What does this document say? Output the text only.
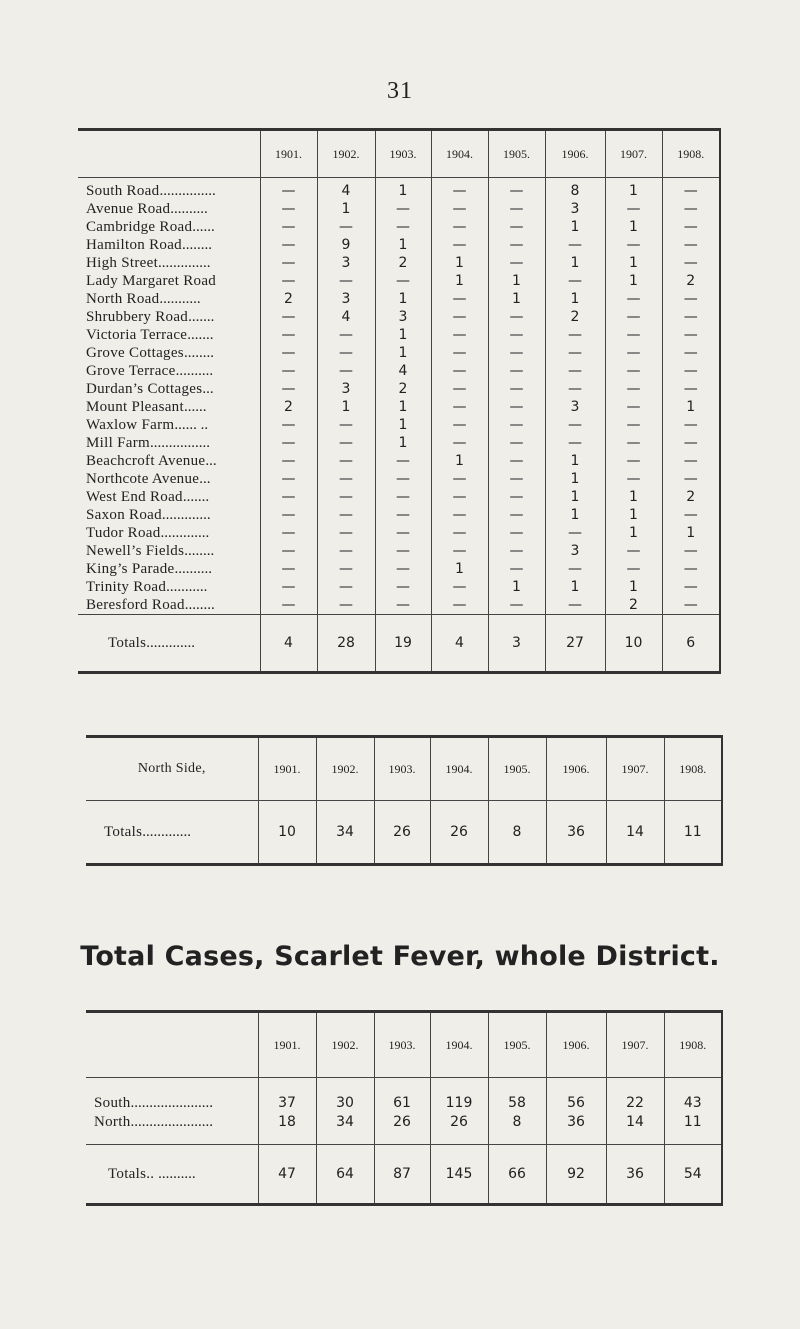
31
	1901.	1902.	1903.	1904.	1905.	1906.	1907.	1908.
South Road...............	—	4	1	—	—	8	1	—
Avenue Road..........	—	1	—	—	—	3	—	—
Cambridge Road......	—	—	—	—	—	1	1	—
Hamilton Road........	—	9	1	—	—	—	—	—
High Street..............	—	3	2	1	—	1	1	—
Lady Margaret Road	—	—	—	1	1	—	1	2
North Road...........	2	3	1	—	1	1	—	—
Shrubbery Road.......	—	4	3	—	—	2	—	—
Victoria Terrace.......	—	—	1	—	—	—	—	—
Grove Cottages........	—	—	1	—	—	—	—	—
Grove Terrace..........	—	—	4	—	—	—	—	—
Durdan’s Cottages...	—	3	2	—	—	—	—	—
Mount Pleasant......	2	1	1	—	—	3	—	1
Waxlow Farm...... ..	—	—	1	—	—	—	—	—
Mill Farm................	—	—	1	—	—	—	—	—
Beachcroft Avenue...	—	—	—	1	—	1	—	—
Northcote Avenue...	—	—	—	—	—	1	—	—
West End Road.......	—	—	—	—	—	1	1	2
Saxon Road.............	—	—	—	—	—	1	1	—
Tudor Road.............	—	—	—	—	—	—	1	1
Newell’s Fields........	—	—	—	—	—	3	—	—
King’s Parade..........	—	—	—	1	—	—	—	—
Trinity Road...........	—	—	—	—	1	1	1	—
Beresford Road........	—	—	—	—	—	—	2	—
Totals.............	4	28	19	4	3	27	10	6
North Side,	1901.	1902.	1903.	1904.	1905.	1906.	1907.	1908.
Totals.............	10	34	26	26	8	36	14	11
Total Cases, Scarlet Fever, whole District.
	1901.	1902.	1903.	1904.	1905.	1906.	1907.	1908.
South......................	37	30	61	119	58	56	22	43
North......................	18	34	26	26	8	36	14	11
Totals.. ..........	47	64	87	145	66	92	36	54
